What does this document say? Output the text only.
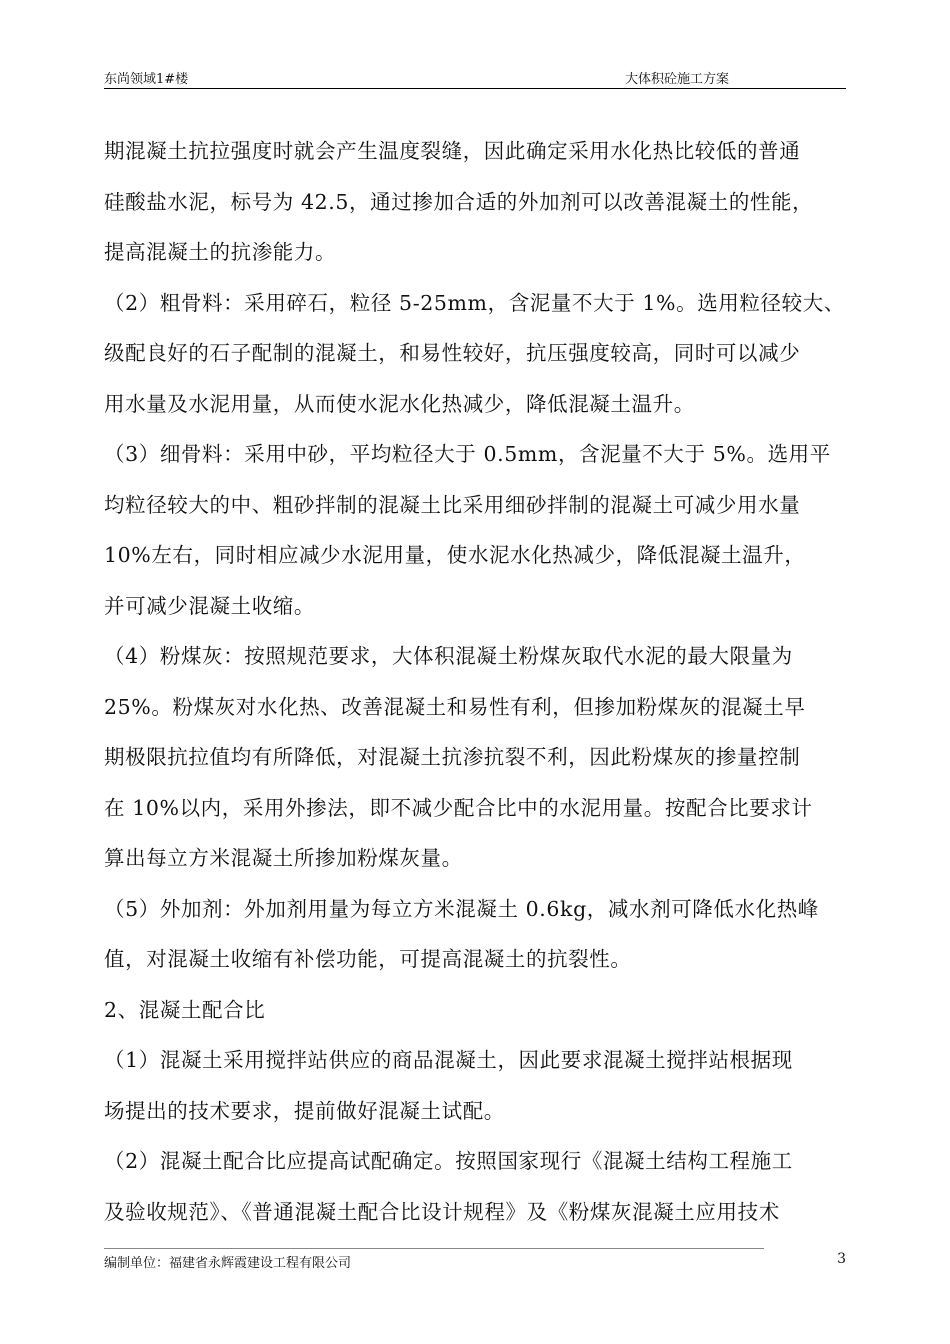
东尚领域1#楼	大体积砼施工方案
期混凝土抗拉强度时就会产生温度裂缝，因此确定采用水化热比较低的普通
硅酸盐水泥，标号为 42.5，通过掺加合适的外加剂可以改善混凝土的性能，
提高混凝土的抗渗能力。
（2）粗骨料：采用碎石，粒径 5-25mm，含泥量不大于 1%。选用粒径较大、
级配良好的石子配制的混凝土，和易性较好，抗压强度较高，同时可以减少
用水量及水泥用量，从而使水泥水化热减少，降低混凝土温升。
（3）细骨料：采用中砂，平均粒径大于 0.5mm，含泥量不大于 5%。选用平
均粒径较大的中、粗砂拌制的混凝土比采用细砂拌制的混凝土可减少用水量
10%左右，同时相应减少水泥用量，使水泥水化热减少，降低混凝土温升，
并可减少混凝土收缩。
（4）粉煤灰：按照规范要求，大体积混凝土粉煤灰取代水泥的最大限量为
25%。粉煤灰对水化热、改善混凝土和易性有利，但掺加粉煤灰的混凝土早
期极限抗拉值均有所降低，对混凝土抗渗抗裂不利，因此粉煤灰的掺量控制
在 10%以内，采用外掺法，即不减少配合比中的水泥用量。按配合比要求计
算出每立方米混凝土所掺加粉煤灰量。
（5）外加剂：外加剂用量为每立方米混凝土 0.6kg，减水剂可降低水化热峰
值，对混凝土收缩有补偿功能，可提高混凝土的抗裂性。
2、混凝土配合比
（1）混凝土采用搅拌站供应的商品混凝土，因此要求混凝土搅拌站根据现
场提出的技术要求，提前做好混凝土试配。
（2）混凝土配合比应提高试配确定。按照国家现行《混凝土结构工程施工
及验收规范》、《普通混凝土配合比设计规程》及《粉煤灰混凝土应用技术
编制单位：福建省永辉霞建设工程有限公司	3
